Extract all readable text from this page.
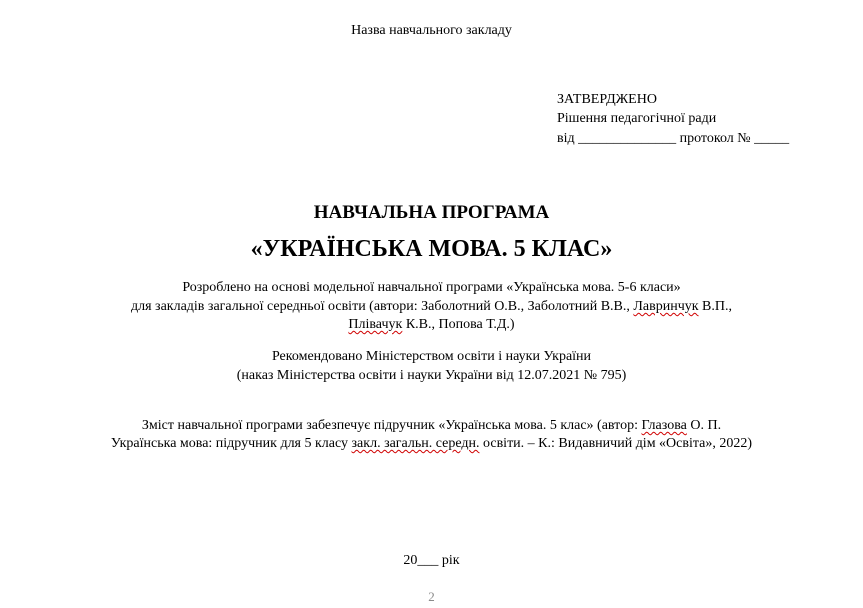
Назва навчального закладу
ЗАТВЕРДЖЕНО
Рішення педагогічної ради
від ______________ протокол № _____
НАВЧАЛЬНА ПРОГРАМА
«УКРАЇНСЬКА МОВА. 5 КЛАС»
Розроблено на основі модельної навчальної програми «Українська мова. 5-6 класи»
для закладів загальної середньої освіти (автори: Заболотний О.В., Заболотний В.В., Лавринчук В.П.,
Плівачук К.В., Попова Т.Д.)
Рекомендовано Міністерством освіти і науки України
(наказ Міністерства освіти і науки України від 12.07.2021 № 795)
Зміст навчальної програми забезпечує підручник «Українська мова. 5 клас» (автор: Глазова О. П.
Українська мова: підручник для 5 класу закл. загальн. середн. освіти. – К.: Видавничий дім «Освіта», 2022)
20___ рік
2
